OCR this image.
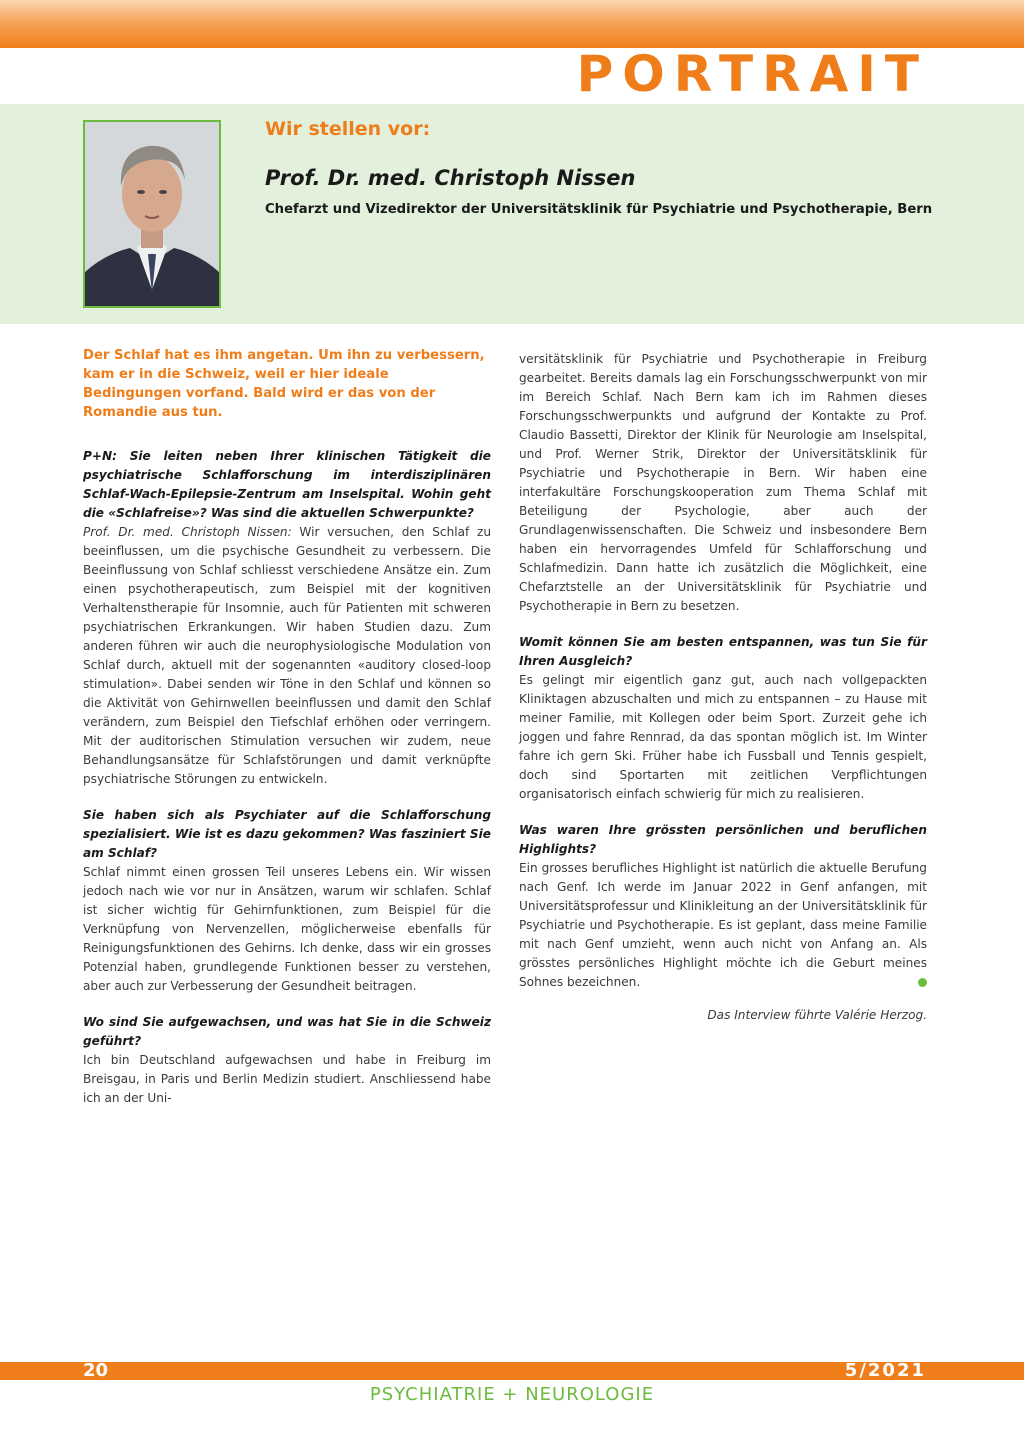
PORTRAIT
Wir stellen vor:
Prof. Dr. med. Christoph Nissen

Chefarzt und Vizedirektor der Universitätsklinik für Psychiatrie und Psychotherapie, Bern

Der Schlaf hat es ihm angetan. Um ihn zu verbessern, kam er in die Schweiz, weil er hier ideale Bedingungen vorfand. Bald wird er das von der Romandie aus tun.

P+N: Sie leiten neben Ihrer klinischen Tätigkeit die psychiatrische Schlafforschung im interdisziplinären Schlaf-Wach-Epilepsie-Zentrum am Inselspital. Wohin geht die «Schlafreise»? Was sind die aktuellen Schwerpunkte?

Prof. Dr. med. Christoph Nissen: Wir versuchen, den Schlaf zu beeinflussen, um die psychische Gesundheit zu verbessern. Die Beeinflussung von Schlaf schliesst verschiedene Ansätze ein. Zum einen psychotherapeutisch, zum Beispiel mit der kognitiven Verhaltenstherapie für Insomnie, auch für Patienten mit schweren psychiatrischen Erkrankungen. Wir haben Studien dazu. Zum anderen führen wir auch die neurophysiologische Modulation von Schlaf durch, aktuell mit der sogenannten «auditory closed-loop stimulation». Dabei senden wir Töne in den Schlaf und können so die Aktivität von Gehirnwellen beeinflussen und damit den Schlaf verändern, zum Beispiel den Tiefschlaf erhöhen oder verringern. Mit der auditorischen Stimulation versuchen wir zudem, neue Behandlungsansätze für Schlafstörungen und damit verknüpfte psychiatrische Störungen zu entwickeln.

Sie haben sich als Psychiater auf die Schlafforschung spezialisiert. Wie ist es dazu gekommen? Was fasziniert Sie am Schlaf?

Schlaf nimmt einen grossen Teil unseres Lebens ein. Wir wissen jedoch nach wie vor nur in Ansätzen, warum wir schlafen. Schlaf ist sicher wichtig für Gehirnfunktionen, zum Beispiel für die Verknüpfung von Nervenzellen, möglicherweise ebenfalls für Reinigungsfunktionen des Gehirns. Ich denke, dass wir ein grosses Potenzial haben, grundlegende Funktionen besser zu verstehen, aber auch zur Verbesserung der Gesundheit beitragen.

Wo sind Sie aufgewachsen, und was hat Sie in die Schweiz geführt?

Ich bin Deutschland aufgewachsen und habe in Freiburg im Breisgau, in Paris und Berlin Medizin studiert. Anschliessend habe ich an der Uni-

versitätsklinik für Psychiatrie und Psychotherapie in Freiburg gearbeitet. Bereits damals lag ein Forschungsschwerpunkt von mir im Bereich Schlaf. Nach Bern kam ich im Rahmen dieses Forschungsschwerpunkts und aufgrund der Kontakte zu Prof. Claudio Bassetti, Direktor der Klinik für Neurologie am Inselspital, und Prof. Werner Strik, Direktor der Universitätsklinik für Psychiatrie und Psychotherapie in Bern. Wir haben eine interfakultäre Forschungskooperation zum Thema Schlaf mit Beteiligung der Psychologie, aber auch der Grundlagenwissenschaften. Die Schweiz und insbesondere Bern haben ein hervorragendes Umfeld für Schlafforschung und Schlafmedizin. Dann hatte ich zusätzlich die Möglichkeit, eine Chefarztstelle an der Universitätsklinik für Psychiatrie und Psychotherapie in Bern zu besetzen.

Womit können Sie am besten entspannen, was tun Sie für Ihren Ausgleich?

Es gelingt mir eigentlich ganz gut, auch nach vollgepackten Kliniktagen abzuschalten und mich zu entspannen – zu Hause mit meiner Familie, mit Kollegen oder beim Sport. Zurzeit gehe ich joggen und fahre Rennrad, da das spontan möglich ist. Im Winter fahre ich gern Ski. Früher habe ich Fussball und Tennis gespielt, doch sind Sportarten mit zeitlichen Verpflichtungen organisatorisch einfach schwierig für mich zu realisieren.

Was waren Ihre grössten persönlichen und beruflichen Highlights?

Ein grosses berufliches Highlight ist natürlich die aktuelle Berufung nach Genf. Ich werde im Januar 2022 in Genf anfangen, mit Universitätsprofessur und Klinikleitung an der Universitätsklinik für Psychiatrie und Psychotherapie. Es ist geplant, dass meine Familie mit nach Genf umzieht, wenn auch nicht von Anfang an. Als grösstes persönliches Highlight möchte ich die Geburt meines Sohnes bezeichnen.

Das Interview führte Valérie Herzog.

20	5/2021
PSYCHIATRIE + NEUROLOGIE
